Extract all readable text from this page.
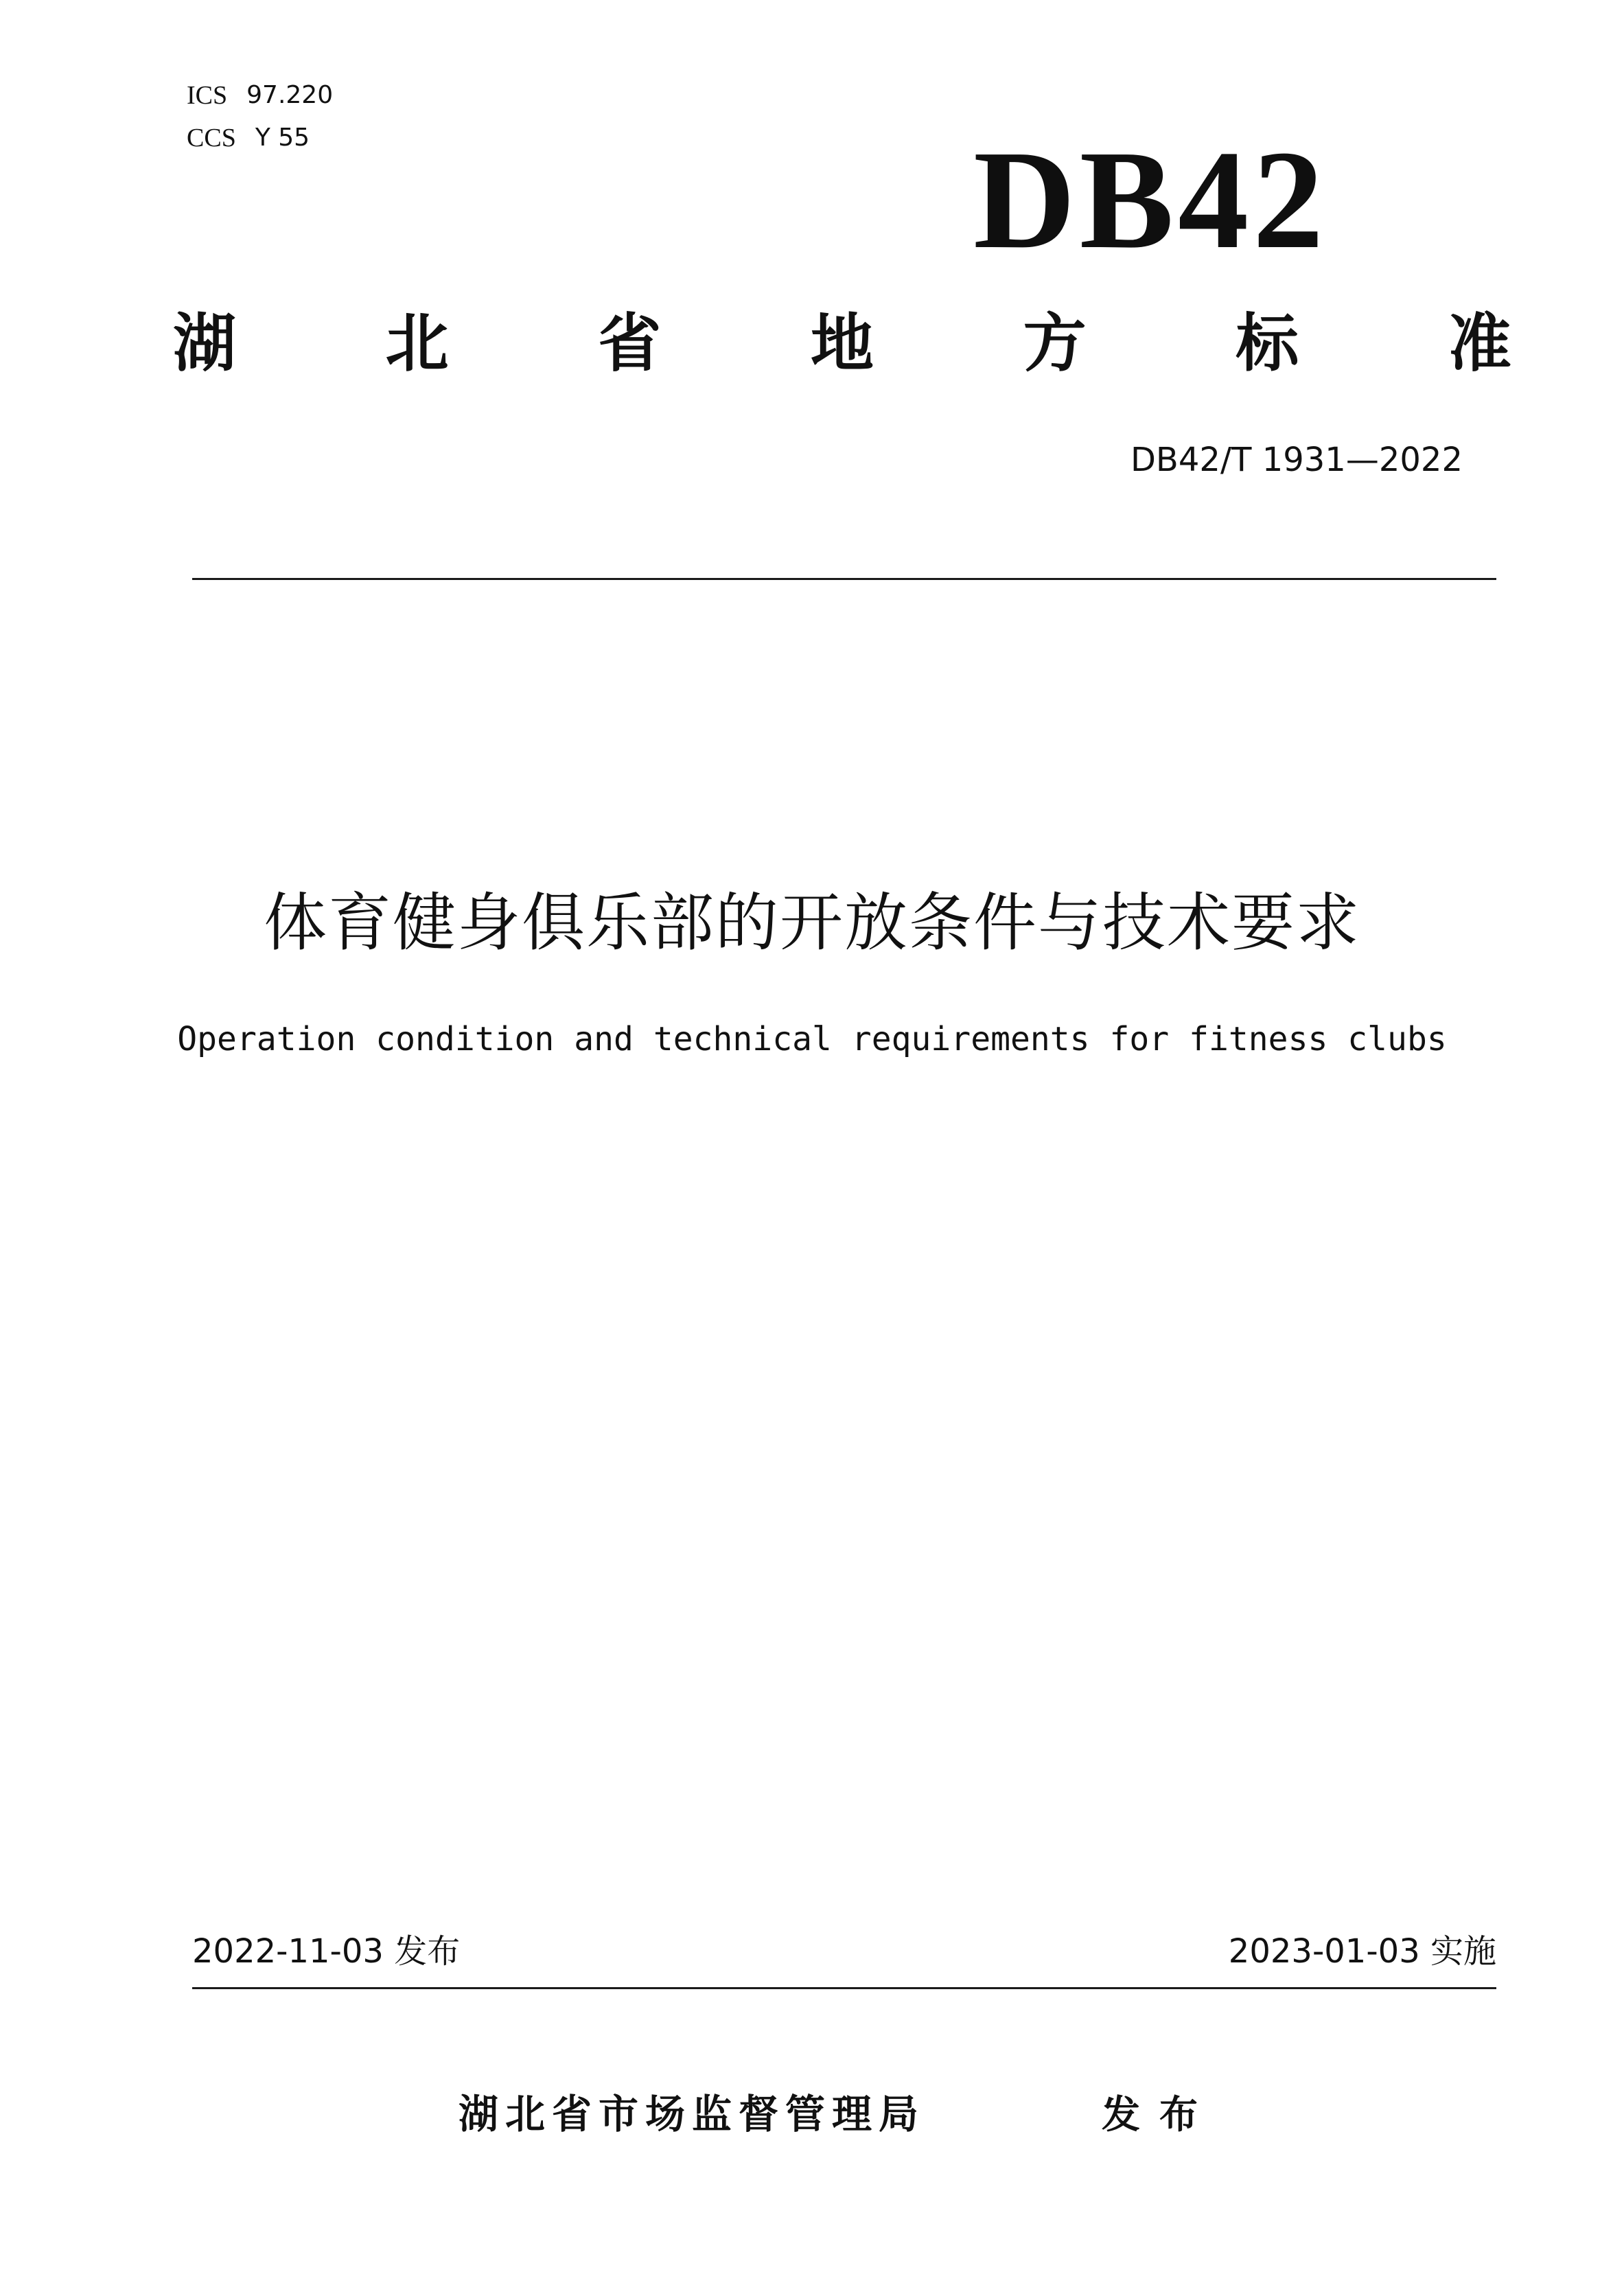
ICS 97.220
CCS Y 55	DB42
湖 北 省 地 方 标 准
DB42/T 1931—2022
体育健身俱乐部的开放条件与技术要求
Operation condition and technical requirements for fitness clubs
2022-11-03 发布	2023-01-03 实施
湖北省市场监督管理局	发布
